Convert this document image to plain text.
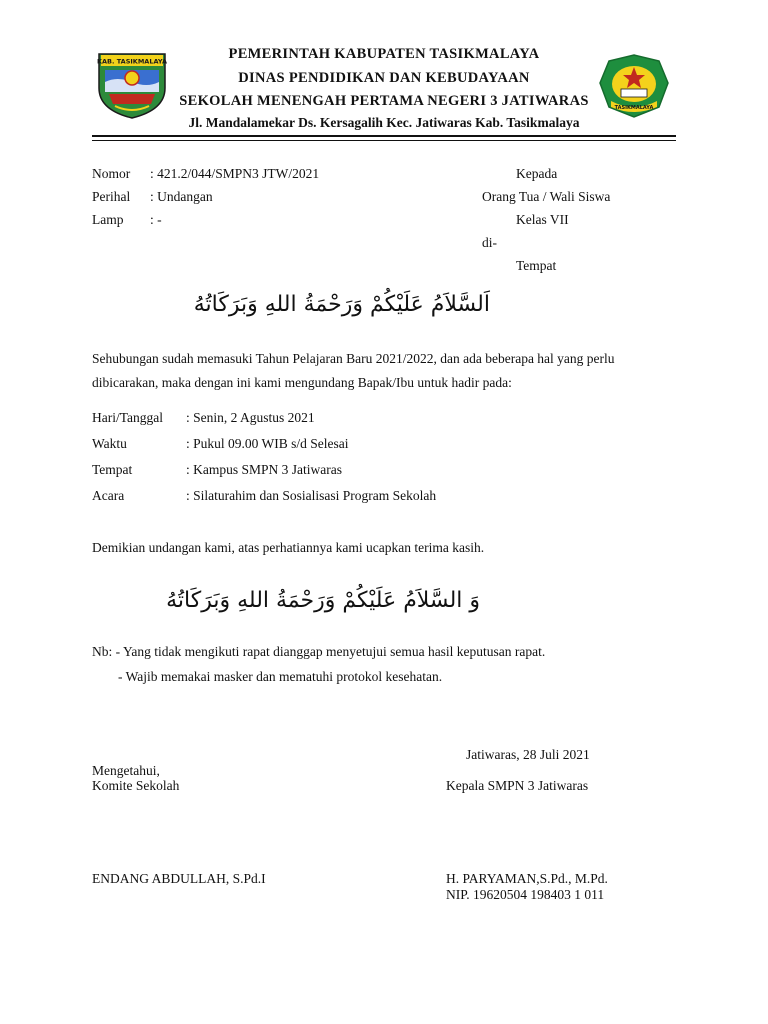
KAB. TASIKMALAYA
TASIKMALAYA
PEMERINTAH KABUPATEN TASIKMALAYA
DINAS PENDIDIKAN DAN KEBUDAYAAN
SEKOLAH MENENGAH PERTAMA NEGERI 3 JATIWARAS
Jl. Mandalamekar Ds. Kersagalih Kec. Jatiwaras Kab. Tasikmalaya
Nomor : 421.2/044/SMPN3 JTW/2021
Perihal : Undangan
Lamp : -
Kepada
Orang Tua / Wali Siswa
Kelas VII
di-
Tempat
اَلسَّلاَمُ عَلَيْكُمْ وَرَحْمَةُ اللهِ وَبَرَكَاتُهُ
Sehubungan sudah memasuki Tahun Pelajaran Baru 2021/2022, dan ada beberapa hal yang perlu
dibicarakan, maka dengan ini kami mengundang Bapak/Ibu untuk hadir pada:
Hari/Tanggal : Senin, 2 Agustus 2021
Waktu	: Pukul 09.00 WIB s/d Selesai
Tempat	: Kampus SMPN 3 Jatiwaras
Acara	: Silaturahim dan Sosialisasi Program Sekolah
Demikian undangan kami, atas perhatiannya kami ucapkan terima kasih.
وَ السَّلاَمُ عَلَيْكُمْ وَرَحْمَةُ اللهِ وَبَرَكَاتُهُ
Nb: - Yang tidak mengikuti rapat dianggap menyetujui semua hasil keputusan rapat.
- Wajib memakai masker dan mematuhi protokol kesehatan.
Jatiwaras, 28 Juli 2021
Mengetahui,
Komite Sekolah	Kepala SMPN 3 Jatiwaras
ENDANG ABDULLAH, S.Pd.I	H. PARYAMAN,S.Pd., M.Pd.
NIP. 19620504 198403 1 011
